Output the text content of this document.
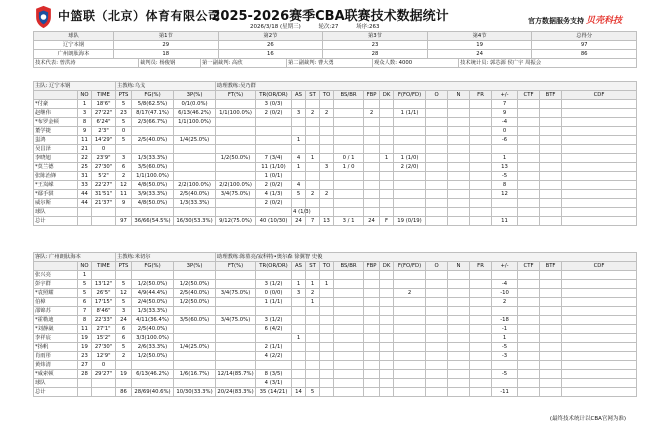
中篮联（北京）体育有限公司
2025-2026赛季CBA联赛技术数据统计
2026/3/18 (星期三)	轮次:27	场序:263
官方数据服务支持 贝壳科技
球队	第1节	第2节	第3节	第4节	总得分
辽宁本钢	29	26	23	19	97
广州朗肽海本	18	16	28	24	86
技术代表: 曾洪涛	裁判员: 杨俊钢	第一副裁判: 高欣	第二副裁判: 曹大勇	观众人数: 4000	技术统计员: 郭芯源 侯广宇 周振会
主队: 辽宁本钢			主教练:乌戈			助理教练:吴乃群															
	NO	TIME	PTS	FG(%)	3P(%)	FT(%)	TR(OR/DR)	AS	ST	TO	BS/BR	FBP	DK	F(FO/FD)	O	N	FR	+/-	CTF	BTF	CDF
*付豪	1	18'6"	5	5/8(62.5%)	0/1(0.0%)		3 (0/3)											7			
赵继伟	3	27'22"	23	8/17(47.1%)	6/13(46.2%)	1/1(100.0%)	2 (0/2)	3	2	2		2		1 (1/1)				9			
*布罗金顿	8	6'24"	5	2/3(66.7%)	1/1(100.0%)													-4			
董学捷	9	2'3"	0															0			
蚩鸿	11	14'29"	5	2/5(40.0%)	1/4(25.0%)			1										-6			
吴昌泽	21	0																			
李晓旭	22	23'9"	3	1/3(33.3%)		1/2(50.0%)	7 (3/4)	4	1		0 / 1		1	1 (1/0)				1			
*莫兰德	25	27'30"	6	3/5(60.0%)			11 (1/10)	1		3	1 / 0			2 (2/0)				13			
张陈治锋	31	5'2"	2	1/1(100.0%)			1 (0/1)											-5			
*王岚嵘	33	22'27"	12	4/8(50.0%)	2/2(100.0%)	2/2(100.0%)	2 (0/2)	4										8			
*鄢手骐	44	31'51"	11	3/9(33.3%)	2/5(40.0%)	3/4(75.0%)	4 (1/3)	5	2	2								12			
威尔斯	44	21'37"	9	4/8(50.0%)	1/3(33.3%)		2 (0/2)														
球队								4 (1/3)													
总计			97	36/66(54.5%)	16/30(53.3%)	9/12(75.0%)	40 (10/30)	24	7	13	3 / 1	24	F	19 (0/19)				11			
客队: 广州朗肽海本			主教练:米切尔			助理教练:陈墓亮/寂科特•奥尔森 徐翼智 史俊															
	NO	TIME	PTS	FG(%)	3P(%)	FT(%)	TR(OR/DR)	AS	ST	TO	BS/BR	FBP	DK	F(FO/FD)	O	N	FR	+/-	CTF	BTF	CDF
张兴亮	1																				
彭宇群	5	13'12"	5	1/2(50.0%)	1/2(50.0%)		3 (1/2)	1	1	1								-4			
*袁照耀	5	26'5"	12	4/9(44.4%)	2/5(40.0%)	3/4(75.0%)	0 (0/0)	3	2					2				-10			
伯樟	6	17'15"	5	2/4(50.0%)	1/2(50.0%)		1 (1/1)		1									2			
邵锦苏	7	8'46"	3	1/3(33.3%)																	
*霍勒迪	8	22'33"	24	4/11(36.4%)	3/5(60.0%)	3/4(75.0%)	3 (1/2)											-18			
*刘静崴	11	27'1"	6	2/5(40.0%)			6 (4/2)											-1			
李祥宸	19	15'2"	6	3/3(100.0%)				1										1			
*扬帆	19	27'30"	5	2/6(33.3%)	1/4(25.0%)		2 (1/1)											-5			
肖雨彤	23	12'9"	2	1/2(50.0%)			4 (2/2)											-3			
黄炜清	27	0																			
*威索顿	28	29'27"	19	6/13(46.2%)	1/6(16.7%)	12/14(85.7%)	8 (3/5)											-5			
球队							4 (3/1)														
总计			86	28/69(40.6%)	10/30(33.3%)	20/24(83.3%)	35 (14/21)	14	5									-11			
(最终技术统计以CBA官网为准)
